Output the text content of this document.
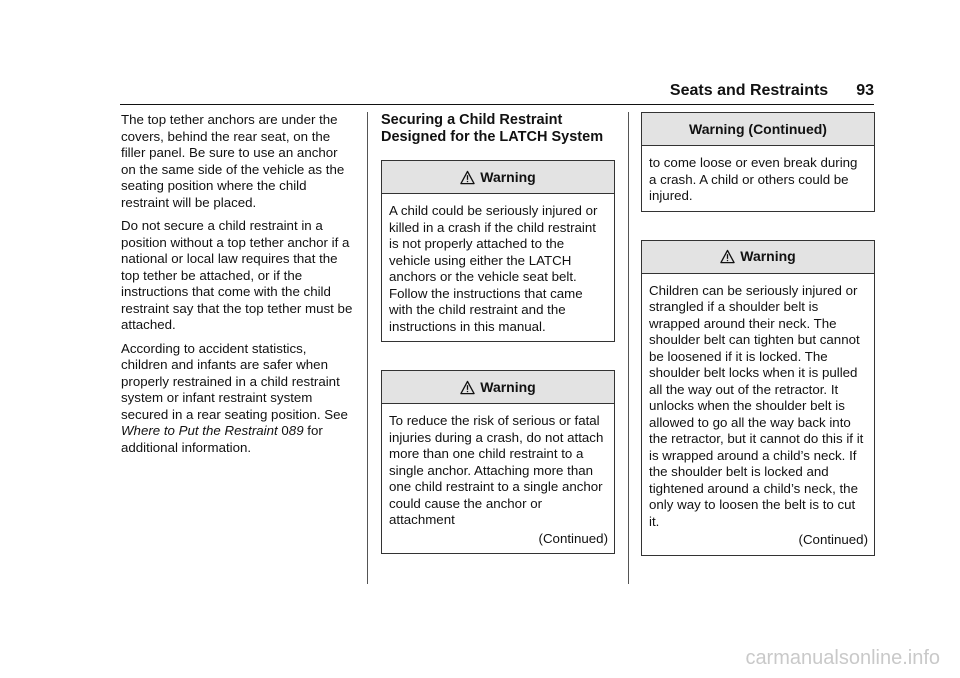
Seats and Restraints 93

The top tether anchors are under the covers, behind the rear seat, on the filler panel. Be sure to use an anchor on the same side of the vehicle as the seating position where the child restraint will be placed.

Do not secure a child restraint in a position without a top tether anchor if a national or local law requires that the top tether be attached, or if the instructions that come with the child restraint say that the top tether must be attached.

According to accident statistics, children and infants are safer when properly restrained in a child restraint system or infant restraint system secured in a rear seating position. See Where to Put the Restraint 089 for additional information.

Securing a Child Restraint Designed for the LATCH System
Warning
A child could be seriously injured or killed in a crash if the child restraint is not properly attached to the vehicle using either the LATCH anchors or the vehicle seat belt. Follow the instructions that came with the child restraint and the instructions in this manual.
Warning
To reduce the risk of serious or fatal injuries during a crash, do not attach more than one child restraint to a single anchor. Attaching more than one child restraint to a single anchor could cause the anchor or attachment
(Continued)
Warning (Continued)
to come loose or even break during a crash. A child or others could be injured.
Warning
Children can be seriously injured or strangled if a shoulder belt is wrapped around their neck. The shoulder belt can tighten but cannot be loosened if it is locked. The shoulder belt locks when it is pulled all the way out of the retractor. It unlocks when the shoulder belt is allowed to go all the way back into the retractor, but it cannot do this if it is wrapped around a child’s neck. If the shoulder belt is locked and tightened around a child’s neck, the only way to loosen the belt is to cut it.
(Continued)
carmanualsonline.info
